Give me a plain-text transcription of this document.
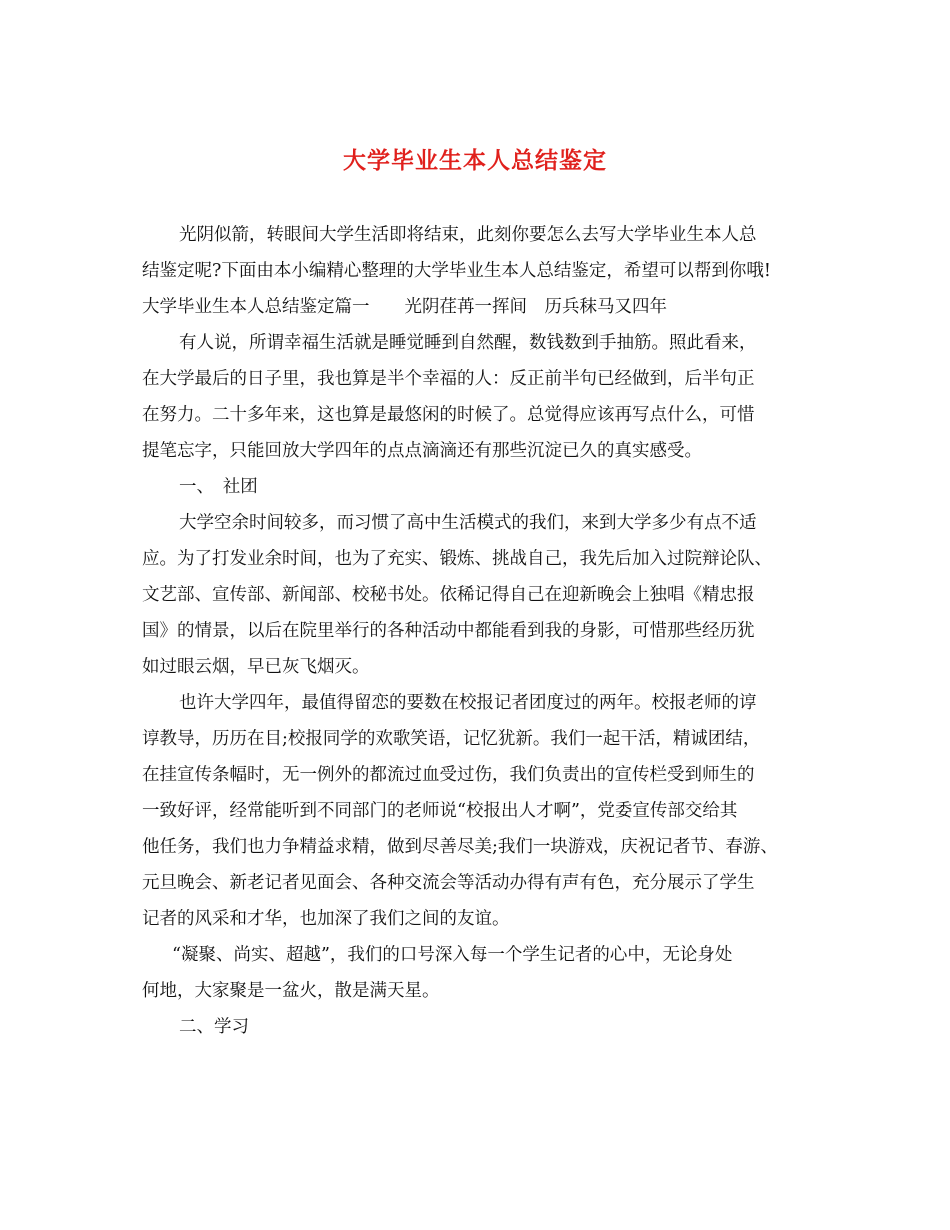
大学毕业生本人总结鉴定
光阴似箭，转眼间大学生活即将结束，此刻你要怎么去写大学毕业生本人总
结鉴定呢?下面由本小编精心整理的大学毕业生本人总结鉴定，希望可以帮到你哦!
大学毕业生本人总结鉴定篇一　　光阴荏苒一挥间　历兵秣马又四年
有人说，所谓幸福生活就是睡觉睡到自然醒，数钱数到手抽筋。照此看来，
在大学最后的日子里，我也算是半个幸福的人：反正前半句已经做到，后半句正
在努力。二十多年来，这也算是最悠闲的时候了。总觉得应该再写点什么，可惜
提笔忘字，只能回放大学四年的点点滴滴还有那些沉淀已久的真实感受。
一、　社团
大学空余时间较多，而习惯了高中生活模式的我们，来到大学多少有点不适
应。为了打发业余时间，也为了充实、锻炼、挑战自己，我先后加入过院辩论队、
文艺部、宣传部、新闻部、校秘书处。依稀记得自己在迎新晚会上独唱《精忠报
国》的情景，以后在院里举行的各种活动中都能看到我的身影，可惜那些经历犹
如过眼云烟，早已灰飞烟灭。
也许大学四年，最值得留恋的要数在校报记者团度过的两年。校报老师的谆
谆教导，历历在目;校报同学的欢歌笑语，记忆犹新。我们一起干活，精诚团结，
在挂宣传条幅时，无一例外的都流过血受过伤，我们负责出的宣传栏受到师生的
一致好评，经常能听到不同部门的老师说“校报出人才啊”，党委宣传部交给其
他任务，我们也力争精益求精，做到尽善尽美;我们一块游戏，庆祝记者节、春游、
元旦晚会、新老记者见面会、各种交流会等活动办得有声有色，充分展示了学生
记者的风采和才华，也加深了我们之间的友谊。
“凝聚、尚实、超越”，我们的口号深入每一个学生记者的心中，无论身处
何地，大家聚是一盆火，散是满天星。
二、学习
